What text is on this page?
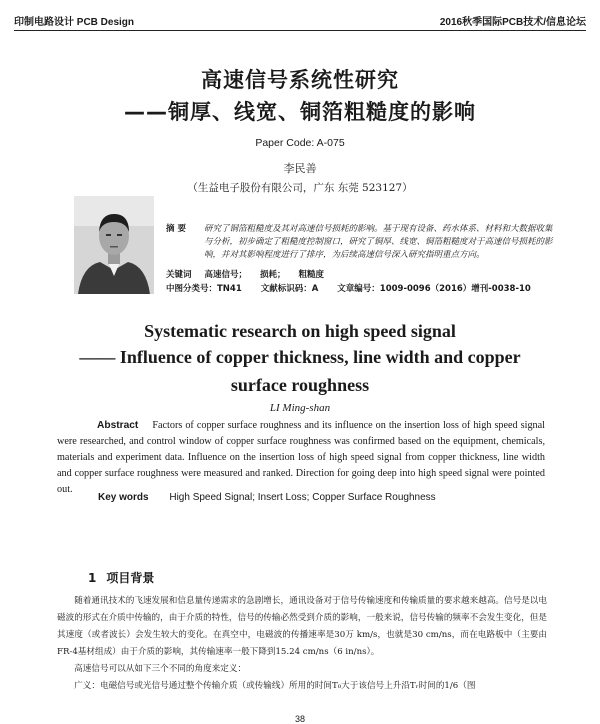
印制电路设计 PCB Design	2016秋季国际PCB技术/信息论坛
高速信号系统性研究
——铜厚、线宽、铜箔粗糙度的影响
Paper Code: A-075
李民善
（生益电子股份有限公司，广东 东莞 523127）
摘 要	研究了铜箔粗糙度及其对高速信号损耗的影响。基于现有设备、药水体系、材料和大数据收集与分析，初步确定了粗糙度控制窗口，研究了铜厚、线宽、铜箔粗糙度对于高速信号损耗的影响，并对其影响程度进行了排序，为后续高速信号深入研究指明重点方向。
关键词 高速信号； 损耗； 粗糙度
中图分类号：TN41 文献标识码：A 文章编号：1009-0096（2016）增刊-0038-10
Systematic research on high speed signal
—— Influence of copper thickness, line width and copper
surface roughness
LI Ming-shan
Abstract Factors of copper surface roughness and its influence on the insertion loss of high speed signal were researched, and control window of copper surface roughness was confirmed based on the equipment, chemicals, materials and experiment data. Influence on the insertion loss of high speed signal from copper thickness, line width and copper surface roughness were measured and ranked. Direction for going deep into high speed signal were pointed out.
Key words High Speed Signal; Insert Loss; Copper Surface Roughness
1 项目背景

随着通讯技术的飞速发展和信息量传递需求的急剧增长，通讯设备对于信号传输速度和传输质量的要求越来越高。信号是以电磁波的形式在介质中传输的，由于介质的特性，信号的传输必然受到介质的影响，一般来说，信号传输的频率不会发生变化，但是其速度（或者波长）会发生较大的变化。在真空中，电磁波的传播速率是30万 km/s，也就是30 cm/ns，而在电路板中（主要由FR-4基材组成）由于介质的影响，其传输速率一般下降到15.24 cm/ns（6 in/ns）。

高速信号可以从如下三个不同的角度来定义：

广义：电磁信号或光信号通过整个传输介质（或传输线）所用的时间T₀大于该信号上升沿Tᵣ时间的1/6（图

38
